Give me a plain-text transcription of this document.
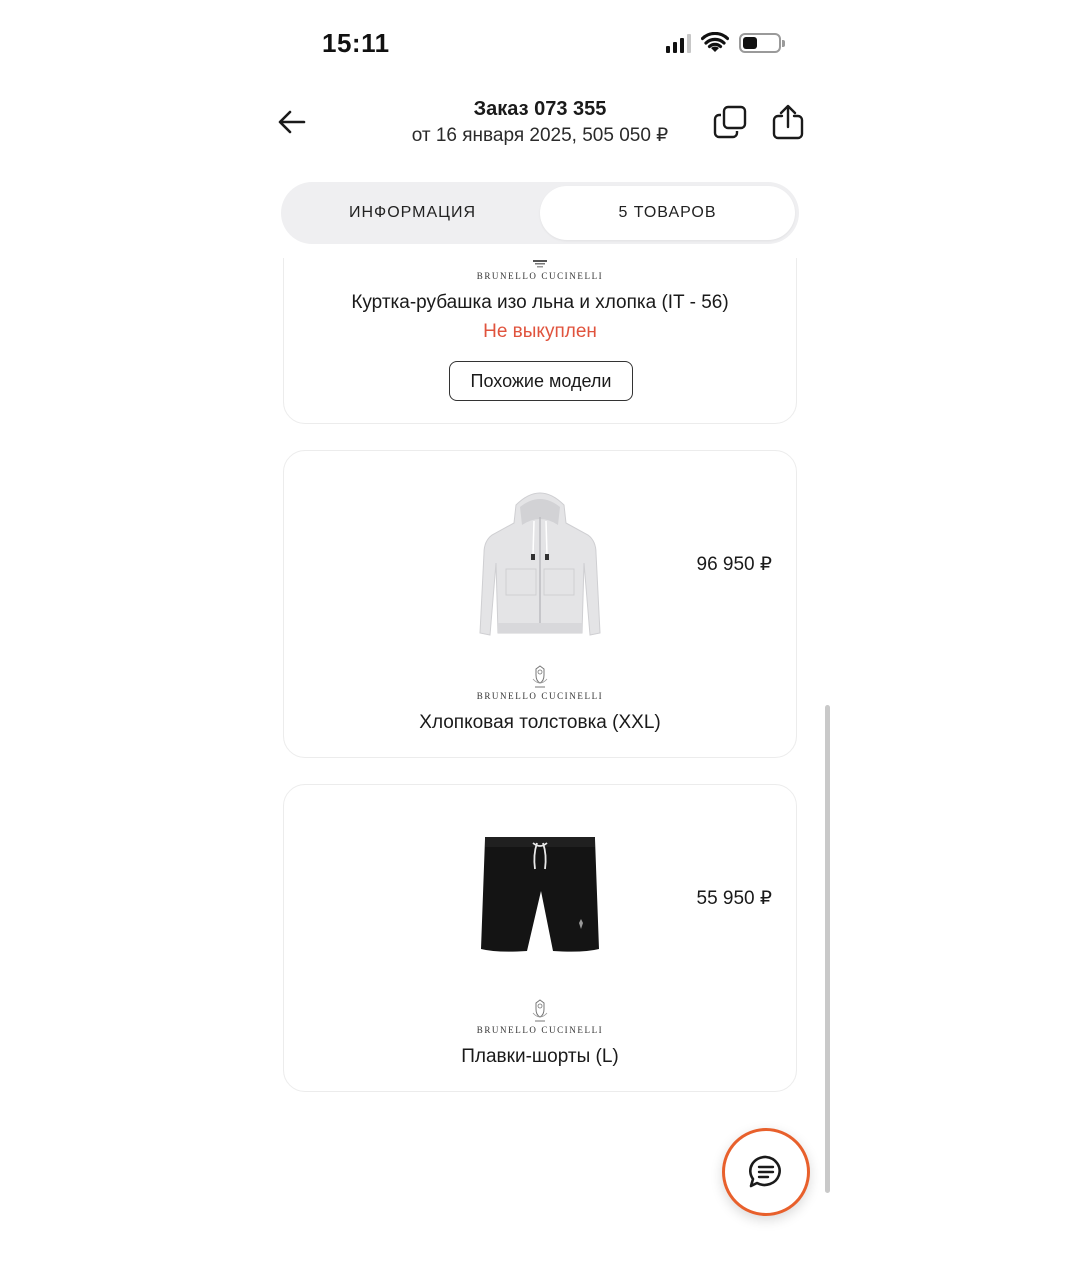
15:11
Заказ 073 355
от 16 января 2025, 505 050 ₽
ИНФОРМАЦИЯ	5 ТОВАРОВ
BRUNELLO CUCINELLI
Куртка-рубашка изо льна и хлопка (IT - 56)
Не выкуплен
Похожие модели
96 950 ₽
BRUNELLO CUCINELLI
Хлопковая толстовка (XXL)
55 950 ₽
BRUNELLO CUCINELLI
Плавки-шорты (L)
